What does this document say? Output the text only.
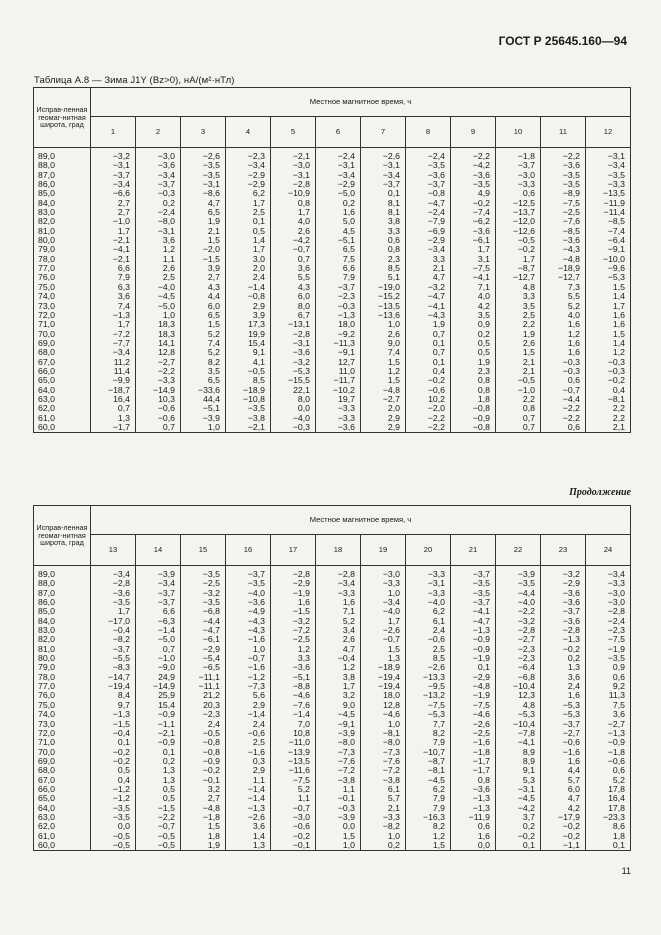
ГОСТ Р 25645.160—94
Таблица А.8 — Зима J1Y (Bz>0), нА/(м²·нТл)
Исправ-ленная геомаг-нитная широта, град	Местное магнитное время, ч											
	1	2	3	4	5	6	7	8	9	10	11	12
89,0	−3,2	−3,0	−2,6	−2,3	−2,1	−2,4	−2,6	−2,4	−2,2	−1,8	−2,2	−3,1
88,0	−3,1	−3,6	−3,5	−3,4	−3,0	−3,1	−3,1	−3,5	−4,2	−3,7	−3,6	−3,4
87,0	−3,7	−3,4	−3,5	−2,9	−3,1	−3,4	−3,4	−3,6	−3,6	−3,0	−3,5	−3,5
86,0	−3,4	−3,7	−3,1	−2,9	−2,8	−2,9	−3,7	−3,7	−3,5	−3,3	−3,5	−3,3
85,0	−6,6	−0,3	−8,6	6,2	−10,9	−5,0	0,1	−0,8	4,9	0,6	−8,9	−13,5
84,0	2,7	0,2	4,7	1,7	0,8	0,2	8,1	−4,7	−0,2	−12,5	−7,5	−11,9
83,0	2,7	−2,4	6,5	2,5	1,7	1,6	8,1	−2,4	−7,4	−13,7	−2,5	−11,4
82,0	−1,0	−8,0	1,9	0,1	4,0	5,0	3,8	−7,9	−6,2	−12,0	−7,6	−8,5
81,0	1,7	−3,1	2,1	0,5	2,6	4,5	3,3	−6,9	−3,6	−12,6	−8,5	−7,4
80,0	−2,1	3,6	1,5	1,4	−4,2	−5,1	0,6	−2,9	−6,1	−0,5	−3,6	−6,4
79,0	−4,1	1,2	−2,0	1,7	−0,7	6,5	0,8	−3,4	1,7	−0,2	−4,3	−9,1
78,0	−2,1	1,1	−1,5	3,0	0,7	7,5	2,3	3,3	3,1	1,7	−4,8	−10,0
77,0	6,6	2,6	3,9	2,0	3,6	6,6	8,5	2,1	−7,5	−8,7	−18,9	−9,6
76,0	7,9	2,5	2,7	2,4	5,5	7,9	5,1	4,7	−4,1	−12,7	−12,7	−5,3
75,0	6,3	−4,0	4,3	−1,4	4,3	−3,7	−19,0	−3,2	7,1	4,8	7,3	1,5
74,0	3,6	−4,5	4,4	−0,8	6,0	−2,3	−15,2	−4,7	4,0	3,3	5,5	1,4
73,0	7,4	−5,0	6,0	2,9	8,0	−0,3	−13,5	−4,1	4,2	3,5	5,2	1,7
72,0	−1,3	1,0	6,5	3,9	6,7	−1,3	−13,6	−4,3	3,5	2,5	4,0	1,6
71,0	1,7	18,3	1,5	17,3	−13,1	18,0	1,0	1,9	0,9	2,2	1,6	1,6
70,0	−7,2	18,3	5,2	19,9	−2,8	−9,2	2,6	0,7	0,2	1,9	1,2	1,5
69,0	−7,7	14,1	7,4	15,4	−3,1	−11,3	9,0	0,1	0,5	2,6	1,6	1,4
68,0	−3,4	12,8	5,2	9,1	−3,6	−9,1	7,4	0,7	0,5	1,5	1,6	1,2
67,0	11,2	−2,7	8,2	4,1	−3,2	12,7	1,5	0,1	1,9	2,1	−0,3	−0,3
66,0	11,4	−2,2	3,5	−0,5	−5,3	11,0	1,2	0,4	2,3	2,1	−0,3	−0,3
65,0	−9,9	−3,3	6,5	8,5	−15,5	−11,7	1,5	−0,2	0,8	−0,5	0,6	−0,2
64,0	−18,7	−14,9	−33,6	−18,9	22,1	−10,2	−4,8	−0,6	0,8	−1,0	−0,7	0,4
63,0	16,4	10,3	44,4	−10,8	8,0	19,7	−2,7	10,2	1,8	2,2	−4,4	−8,1
62,0	0,7	−0,6	−5,1	−3,5	0,0	−3,3	2,0	−2,0	−0,8	0,8	−2,2	2,2
61,0	1,3	−0,6	−3,9	−3,8	−4,0	−3,3	2,9	−2,2	−0,9	0,7	−2,2	2,2
60,0	−1,7	0,7	1,0	−2,1	−0,3	−3,6	2,9	−2,2	−0,8	0,7	0,6	2,1
Продолжение
Исправ-ленная геомаг-нитная широта, град	Местное магнитное время, ч											
	13	14	15	16	17	18	19	20	21	22	23	24
89,0	−3,4	−3,9	−3,5	−3,7	−2,8	−2,8	−3,0	−3,3	−3,7	−3,9	−3,2	−3,4
88,0	−2,8	−3,4	−2,5	−3,5	−2,9	−3,4	−3,3	−3,1	−3,5	−3,5	−2,9	−3,3
87,0	−3,6	−3,7	−3,2	−4,0	−1,9	−3,3	1,0	−3,3	−3,5	−4,4	−3,6	−3,0
86,0	−3,5	−3,7	−3,5	−3,6	1,6	1,6	−3,4	−4,0	−3,7	−4,0	−3,6	−3,0
85,0	1,7	6,6	−6,8	−4,9	−1,5	7,1	−4,0	6,2	−4,1	−2,2	−3,7	−2,8
84,0	−17,0	−6,3	−4,4	−4,3	−3,2	5,2	1,7	6,1	−4,7	−3,2	−3,6	−2,4
83,0	−0,4	−1,4	−4,7	−4,3	−7,2	3,4	−2,6	2,4	−1,3	−2,8	−2,8	−2,3
82,0	−8,2	−5,0	−6,1	−1,6	−2,5	2,6	−0,7	−0,6	−0,9	−2,7	−1,3	−7,5
81,0	−3,7	0,7	−2,9	1,0	1,2	4,7	1,5	2,5	−0,9	−2,3	−0,2	−1,9
80,0	−5,5	−1,0	−5,4	−0,7	3,3	−0,4	1,3	8,5	−1,9	−2,3	0,2	−3,5
79,0	−8,3	−9,0	−6,5	−1,6	−3,6	1,2	−18,9	−2,6	0,1	−6,4	1,3	0,9
78,0	−14,7	24,9	−11,1	−1,2	−5,1	3,8	−19,4	−13,3	−2,9	−6,8	3,6	0,6
77,0	−19,4	−14,9	−11,1	−7,3	−8,8	1,7	−19,4	−9,5	−4,8	−10,4	2,4	9,2
76,0	8,4	25,9	21,2	5,6	−4,6	3,2	18,0	−13,2	−1,9	12,3	1,6	11,3
75,0	9,7	15,4	20,3	2,9	−7,6	9,0	12,8	−7,5	−7,5	4,8	−5,3	7,5
74,0	−1,3	−0,9	−2,3	−1,4	−1,4	−4,5	−4,6	−5,3	−4,6	−5,3	−5,3	3,6
73,0	−1,5	−1,1	2,4	2,4	7,0	−9,1	1,0	7,7	−2,6	−10,4	−3,7	−2,7
72,0	−0,4	−2,1	−0,5	−0,6	10,8	−3,9	−8,1	8,2	−2,5	−7,8	−2,7	−1,3
71,0	0,1	−0,9	−0,8	2,5	−11,0	−8,0	−8,0	7,9	−1,6	−4,1	−0,6	−0,9
70,0	−0,2	0,1	−0,8	−1,6	−13,9	−7,3	−7,3	−10,7	−1,8	8,9	−1,6	−1,8
69,0	−0,2	0,2	−0,9	0,3	−13,5	−7,6	−7,6	−8,7	−1,7	8,9	1,6	−0,6
68,0	0,5	1,3	−0,2	2,9	−11,6	−7,2	−7,2	−8,1	−1,7	9,1	4,4	0,6
67,0	0,4	1,3	−0,1	1,1	−7,5	−3,8	−3,8	−4,5	0,8	5,3	5,7	5,2
66,0	−1,2	0,5	3,2	−1,4	5,2	1,1	6,1	6,2	−3,6	−3,1	6,0	17,8
65,0	−1,2	0,5	2,7	−1,4	1,1	−0,1	5,7	7,9	−1,3	−4,5	4,7	16,4
64,0	−3,5	−1,5	−4,8	−1,3	−0,7	−0,3	2,1	7,9	−1,3	−4,2	4,2	17,8
63,0	−3,5	−2,2	−1,8	−2,6	−3,0	−3,9	−3,3	−16,3	−11,9	3,7	−17,9	−23,3
62,0	0,0	−0,7	1,5	3,6	−0,6	0,0	−8,2	8,2	0,6	0,2	−0,2	8,6
61,0	−0,5	−0,5	1,8	1,4	−0,2	1,5	1,0	1,2	1,6	−0,2	−0,2	1,8
60,0	−0,5	−0,5	1,9	1,3	−0,1	1,0	0,2	1,5	0,0	0,1	−1,1	0,1
11
